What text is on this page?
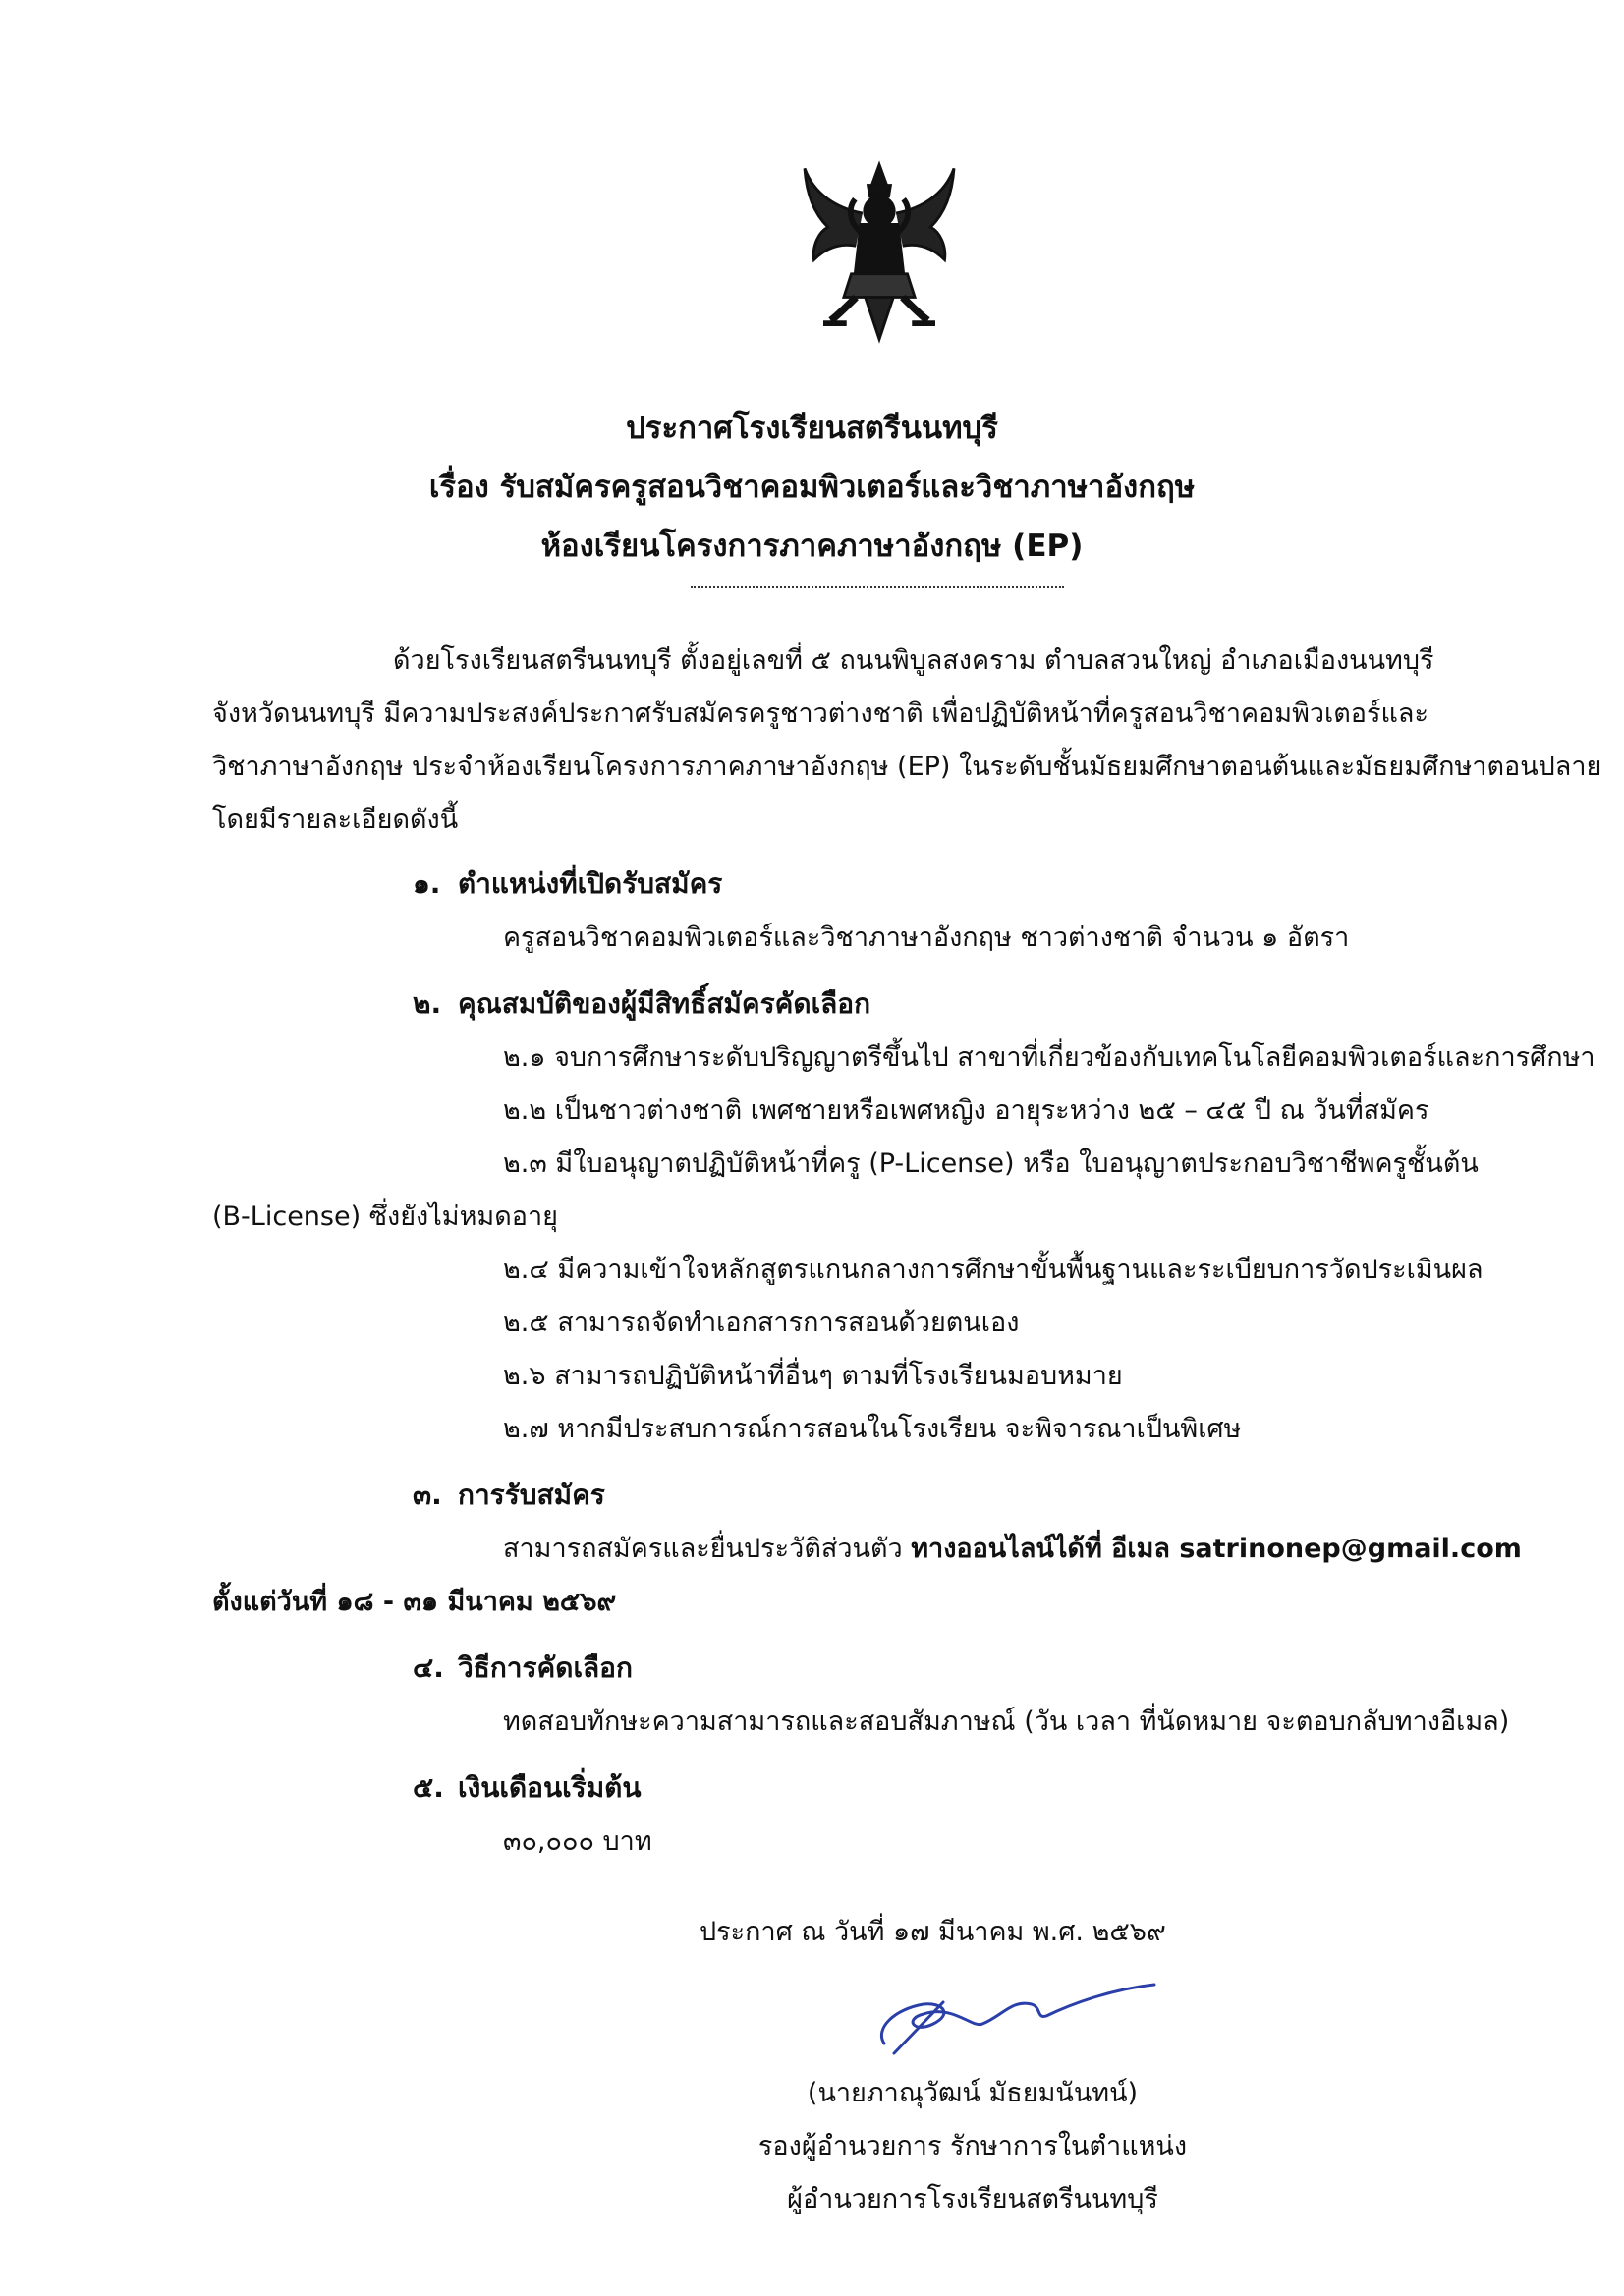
ประกาศโรงเรียนสตรีนนทบุรี
เรื่อง รับสมัครครูสอนวิชาคอมพิวเตอร์และวิชาภาษาอังกฤษ
ห้องเรียนโครงการภาคภาษาอังกฤษ (EP)
ด้วยโรงเรียนสตรีนนทบุรี ตั้งอยู่เลขที่ ๕ ถนนพิบูลสงคราม ตำบลสวนใหญ่ อำเภอเมืองนนทบุรี
จังหวัดนนทบุรี มีความประสงค์ประกาศรับสมัครครูชาวต่างชาติ เพื่อปฏิบัติหน้าที่ครูสอนวิชาคอมพิวเตอร์และ
วิชาภาษาอังกฤษ ประจำห้องเรียนโครงการภาคภาษาอังกฤษ (EP) ในระดับชั้นมัธยมศึกษาตอนต้นและมัธยมศึกษาตอนปลาย
โดยมีรายละเอียดดังนี้
๑. ตำแหน่งที่เปิดรับสมัคร
ครูสอนวิชาคอมพิวเตอร์และวิชาภาษาอังกฤษ ชาวต่างชาติ จำนวน ๑ อัตรา
๒. คุณสมบัติของผู้มีสิทธิ์สมัครคัดเลือก
๒.๑ จบการศึกษาระดับปริญญาตรีขึ้นไป สาขาที่เกี่ยวข้องกับเทคโนโลยีคอมพิวเตอร์และการศึกษา
๒.๒ เป็นชาวต่างชาติ เพศชายหรือเพศหญิง อายุระหว่าง ๒๕ – ๔๕ ปี ณ วันที่สมัคร
๒.๓ มีใบอนุญาตปฏิบัติหน้าที่ครู (P-License) หรือ ใบอนุญาตประกอบวิชาชีพครูชั้นต้น
(B-License) ซึ่งยังไม่หมดอายุ
๒.๔ มีความเข้าใจหลักสูตรแกนกลางการศึกษาขั้นพื้นฐานและระเบียบการวัดประเมินผล
๒.๕ สามารถจัดทำเอกสารการสอนด้วยตนเอง
๒.๖ สามารถปฏิบัติหน้าที่อื่นๆ ตามที่โรงเรียนมอบหมาย
๒.๗ หากมีประสบการณ์การสอนในโรงเรียน จะพิจารณาเป็นพิเศษ
๓. การรับสมัคร
สามารถสมัครและยื่นประวัติส่วนตัว ทางออนไลน์ได้ที่ อีเมล satrinonep@gmail.com
ตั้งแต่วันที่ ๑๘ - ๓๑ มีนาคม ๒๕๖๙
๔. วิธีการคัดเลือก
ทดสอบทักษะความสามารถและสอบสัมภาษณ์ (วัน เวลา ที่นัดหมาย จะตอบกลับทางอีเมล)
๕. เงินเดือนเริ่มต้น
๓๐,๐๐๐ บาท
ประกาศ ณ วันที่ ๑๗ มีนาคม พ.ศ. ๒๕๖๙
(นายภาณุวัฒน์ มัธยมนันทน์)
รองผู้อำนวยการ รักษาการในตำแหน่ง
ผู้อำนวยการโรงเรียนสตรีนนทบุรี
